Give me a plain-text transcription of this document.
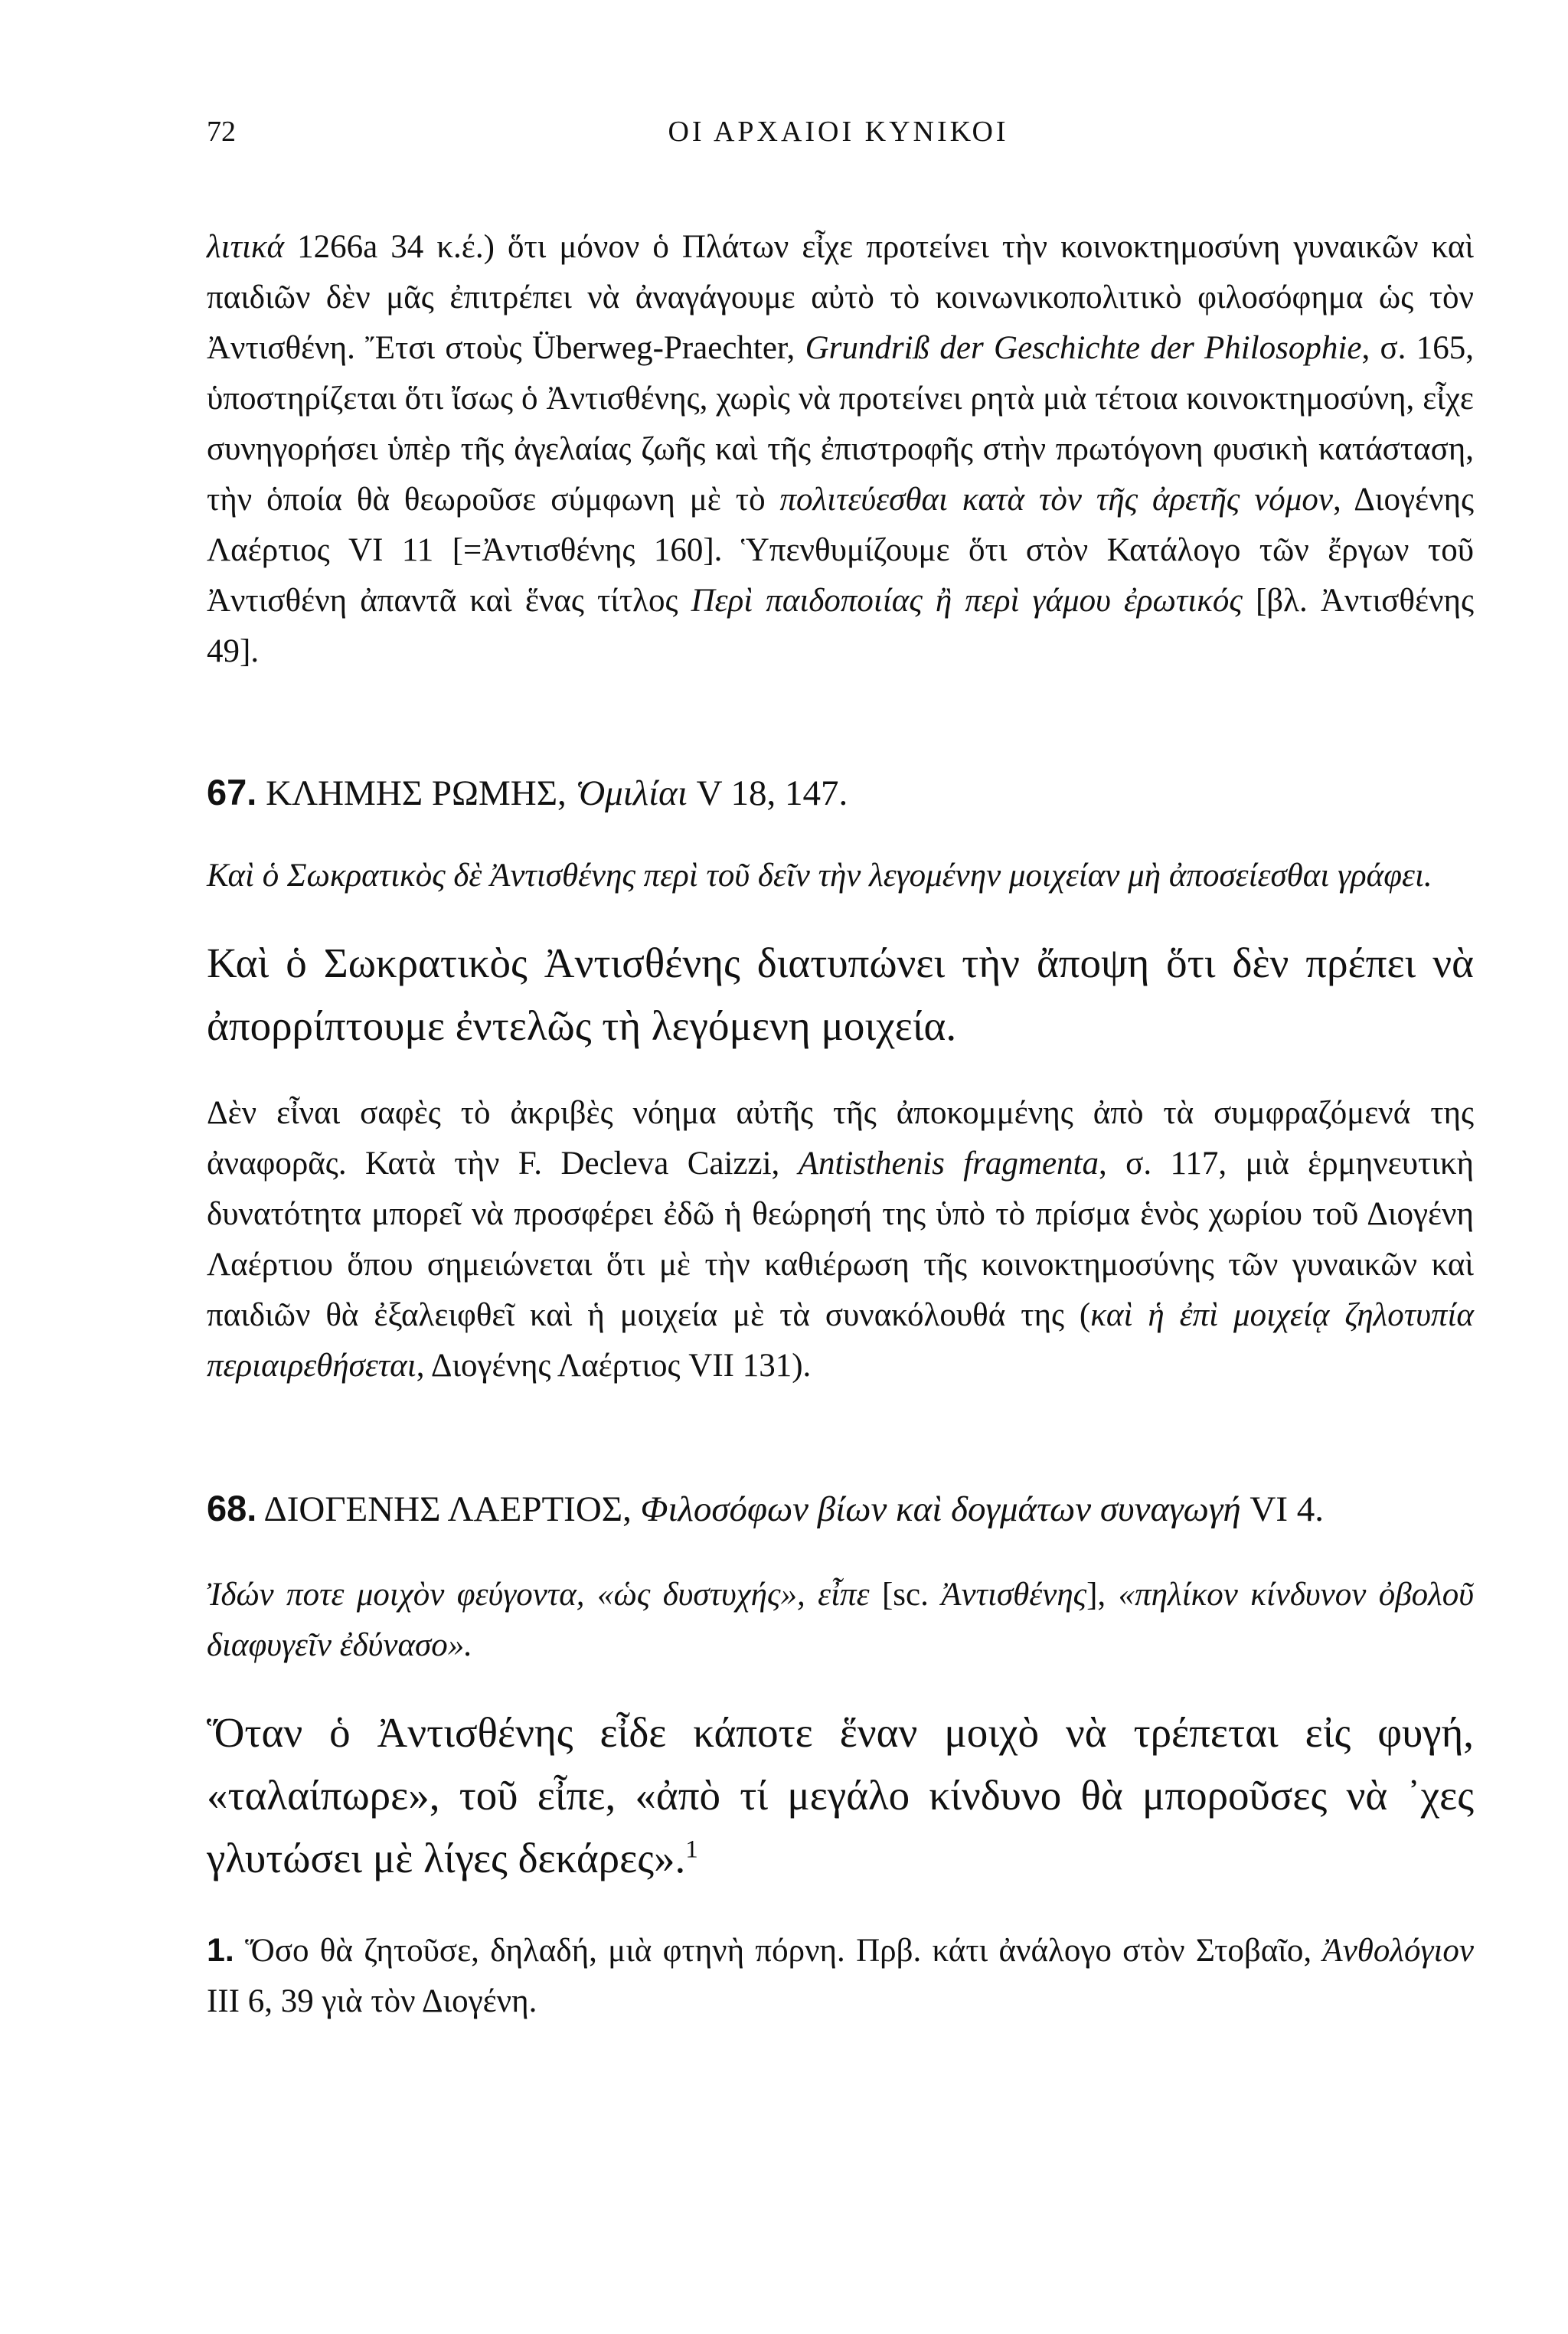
72	ΟΙ ΑΡΧΑΙΟΙ ΚΥΝΙΚΟΙ

λιτικά 1266a 34 κ.έ.) ὅτι μόνον ὁ Πλάτων εἶχε προτείνει τὴν κοινοκτημοσύνη γυναικῶν καὶ παιδιῶν δὲν μᾶς ἐπιτρέπει νὰ ἀναγάγουμε αὐτὸ τὸ κοινωνικοπολιτικὸ φιλοσόφημα ὡς τὸν Ἀντισθένη. Ἔτσι στοὺς Überweg-Praechter, Grundriß der Geschichte der Philosophie, σ. 165, ὑποστηρίζεται ὅτι ἴσως ὁ Ἀντισθένης, χωρὶς νὰ προτείνει ρητὰ μιὰ τέτοια κοινοκτημοσύνη, εἶχε συνηγορήσει ὑπὲρ τῆς ἀγελαίας ζωῆς καὶ τῆς ἐπιστροφῆς στὴν πρωτόγονη φυσικὴ κατάσταση, τὴν ὁποία θὰ θεωροῦσε σύμφωνη μὲ τὸ πολιτεύεσθαι κατὰ τὸν τῆς ἀρετῆς νόμον, Διογένης Λαέρτιος VI 11 [=Ἀντισθένης 160]. Ὑπενθυμίζουμε ὅτι στὸν Κατάλογο τῶν ἔργων τοῦ Ἀντισθένη ἀπαντᾶ καὶ ἕνας τίτλος Περὶ παιδοποιίας ἢ περὶ γάμου ἐρωτικός [βλ. Ἀντισθένης 49].

67. ΚΛΗΜΗΣ ΡΩΜΗΣ, Ὁμιλίαι V 18, 147.

Καὶ ὁ Σωκρατικὸς δὲ Ἀντισθένης περὶ τοῦ δεῖν τὴν λεγομένην μοιχείαν μὴ ἀποσείεσθαι γράφει.

Καὶ ὁ Σωκρατικὸς Ἀντισθένης διατυπώνει τὴν ἄποψη ὅτι δὲν πρέπει νὰ ἀπορρίπτουμε ἐντελῶς τὴ λεγόμενη μοιχεία.

Δὲν εἶναι σαφὲς τὸ ἀκριβὲς νόημα αὐτῆς τῆς ἀποκομμένης ἀπὸ τὰ συμφραζόμενά της ἀναφορᾶς. Κατὰ τὴν F. Decleva Caizzi, Antisthenis fragmenta, σ. 117, μιὰ ἑρμηνευτικὴ δυνατότητα μπορεῖ νὰ προσφέρει ἐδῶ ἡ θεώρησή της ὑπὸ τὸ πρίσμα ἑνὸς χωρίου τοῦ Διογένη Λαέρτιου ὅπου σημειώνεται ὅτι μὲ τὴν καθιέρωση τῆς κοινοκτημοσύνης τῶν γυναικῶν καὶ παιδιῶν θὰ ἐξαλειφθεῖ καὶ ἡ μοιχεία μὲ τὰ συνακόλουθά της (καὶ ἡ ἐπὶ μοιχείᾳ ζηλοτυπία περιαιρεθήσεται, Διογένης Λαέρτιος VII 131).

68. ΔΙΟΓΕΝΗΣ ΛΑΕΡΤΙΟΣ, Φιλοσόφων βίων καὶ δογμάτων συναγωγή VI 4.

Ἰδών ποτε μοιχὸν φεύγοντα, «ὡς δυστυχής», εἶπε [sc. Ἀντισθένης], «πηλίκον κίνδυνον ὀβολοῦ διαφυγεῖν ἐδύνασο».

Ὅταν ὁ Ἀντισθένης εἶδε κάποτε ἕναν μοιχὸ νὰ τρέπεται εἰς φυγή, «ταλαίπωρε», τοῦ εἶπε, «ἀπὸ τί μεγάλο κίνδυνο θὰ μποροῦσες νὰ ᾽χες γλυτώσει μὲ λίγες δεκάρες».$^1$

1. Ὅσο θὰ ζητοῦσε, δηλαδή, μιὰ φτηνὴ πόρνη. Πρβ. κάτι ἀνάλογο στὸν Στοβαῖο, Ἀνθολόγιον III 6, 39 γιὰ τὸν Διογένη.
